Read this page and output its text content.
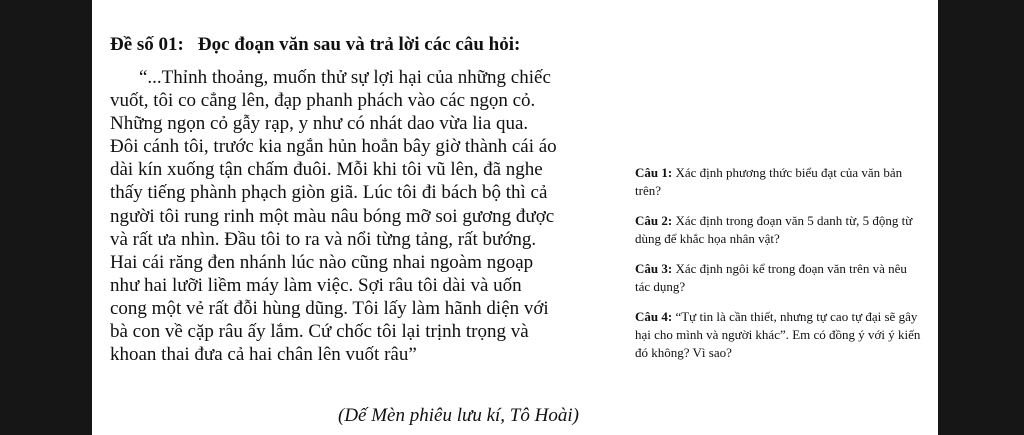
Đề số 01: Đọc đoạn văn sau và trả lời các câu hỏi:
“...Thỉnh thoảng, muốn thử sự lợi hại của những chiếc
vuốt, tôi co cẳng lên, đạp phanh phách vào các ngọn cỏ.
Những ngọn cỏ gẫy rạp, y như có nhát dao vừa lia qua.
Đôi cánh tôi, trước kia ngắn hủn hoẳn bây giờ thành cái áo
dài kín xuống tận chấm đuôi. Mỗi khi tôi vũ lên, đã nghe
thấy tiếng phành phạch giòn giã. Lúc tôi đi bách bộ thì cả
người tôi rung rinh một màu nâu bóng mỡ soi gương được
và rất ưa nhìn. Đầu tôi to ra và nổi từng tảng, rất bướng.
Hai cái răng đen nhánh lúc nào cũng nhai ngoàm ngoạp
như hai lưỡi liềm máy làm việc. Sợi râu tôi dài và uốn
cong một vẻ rất đỗi hùng dũng. Tôi lấy làm hãnh diện với
bà con về cặp râu ấy lắm. Cứ chốc tôi lại trịnh trọng và
khoan thai đưa cả hai chân lên vuốt râu”
(Dế Mèn phiêu lưu kí, Tô Hoài)
Câu 1: Xác định phương thức biểu đạt của văn bản trên?
Câu 2: Xác định trong đoạn văn 5 danh từ, 5 động từ dùng để khắc họa nhân vật?
Câu 3: Xác định ngôi kể trong đoạn văn trên và nêu tác dụng?
Câu 4: “Tự tin là cần thiết, nhưng tự cao tự đại sẽ gây hại cho mình và người khác”. Em có đồng ý với ý kiến đó không? Vì sao?
